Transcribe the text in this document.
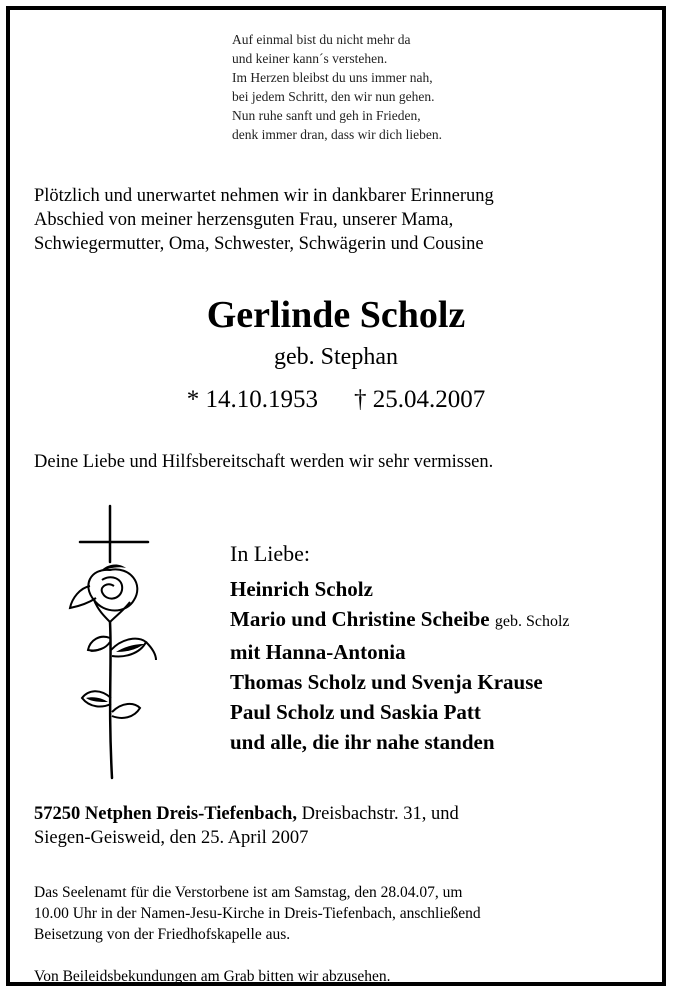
Auf einmal bist du nicht mehr da
und keiner kann´s verstehen.
Im Herzen bleibst du uns immer nah,
bei jedem Schritt, den wir nun gehen.
Nun ruhe sanft und geh in Frieden,
denk immer dran, dass wir dich lieben.
Plötzlich und unerwartet nehmen wir in dankbarer Erinnerung
Abschied von meiner herzensguten Frau, unserer Mama,
Schwiegermutter, Oma, Schwester, Schwägerin und Cousine
Gerlinde Scholz
geb. Stephan
* 14.10.1953 † 25.04.2007
Deine Liebe und Hilfsbereitschaft werden wir sehr vermissen.
In Liebe:
Heinrich Scholz
Mario und Christine Scheibe geb. Scholz
mit Hanna-Antonia
Thomas Scholz und Svenja Krause
Paul Scholz und Saskia Patt
und alle, die ihr nahe standen
57250 Netphen Dreis-Tiefenbach, Dreisbachstr. 31, und
Siegen-Geisweid, den 25. April 2007
Das Seelenamt für die Verstorbene ist am Samstag, den 28.04.07, um
10.00 Uhr in der Namen-Jesu-Kirche in Dreis-Tiefenbach, anschließend
Beisetzung von der Friedhofskapelle aus.
Von Beileidsbekundungen am Grab bitten wir abzusehen.
